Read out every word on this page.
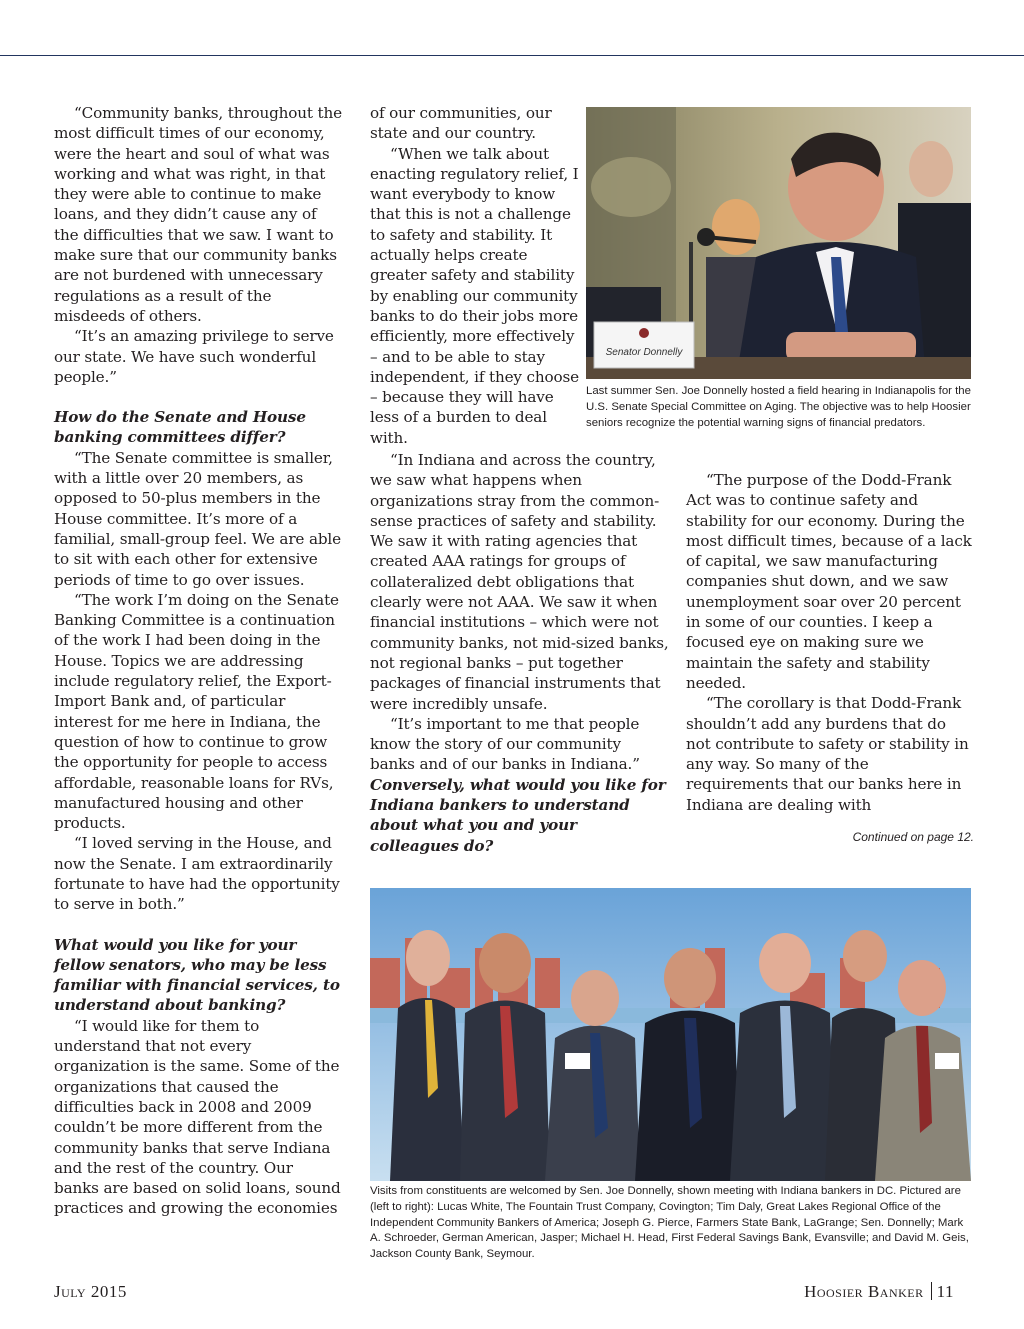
“Community banks, throughout the most difficult times of our economy, were the heart and soul of what was working and what was right, in that they were able to continue to make loans, and they didn’t cause any of the difficulties that we saw. I want to make sure that our community banks are not burdened with unnecessary regulations as a result of the misdeeds of others.

“It’s an amazing privilege to serve our state. We have such wonderful people.”

How do the Senate and House banking committees differ?

“The Senate committee is smaller, with a little over 20 members, as opposed to 50-plus members in the House committee. It’s more of a familial, small-group feel. We are able to sit with each other for extensive periods of time to go over issues.

“The work I’m doing on the Senate Banking Committee is a continuation of the work I had been doing in the House. Topics we are addressing include regulatory relief, the Export-Import Bank and, of particular interest for me here in Indiana, the question of how to continue to grow the opportunity for people to access affordable, reasonable loans for RVs, manufactured housing and other products.

“I loved serving in the House, and now the Senate. I am extraordinarily fortunate to have had the opportunity to serve in both.”

What would you like for your fellow senators, who may be less familiar with financial services, to understand about banking?

“I would like for them to understand that not every organization is the same. Some of the organizations that caused the difficulties back in 2008 and 2009 couldn’t be more different from the community banks that serve Indiana and the rest of the country. Our banks are based on solid loans, sound practices and growing the economies

of our communities, our state and our country.

“When we talk about enacting regulatory relief, I want everybody to know that this is not a challenge to safety and stability. It actually helps create greater safety and stability by enabling our community banks to do their jobs more efficiently, more effectively – and to be able to stay independent, if they choose – because they will have less of a burden to deal with.

“In Indiana and across the country, we saw what happens when organizations stray from the common-sense practices of safety and stability. We saw it with rating agencies that created AAA ratings for groups of collateralized debt obligations that clearly were not AAA. We saw it when financial institutions – which were not community banks, not mid-sized banks, not regional banks – put together packages of financial instruments that were incredibly unsafe.

“It’s important to me that people know the story of our community banks and of our banks in Indiana.”

Conversely, what would you like for Indiana bankers to understand about what you and your colleagues do?

“The purpose of the Dodd-Frank Act was to continue safety and stability for our economy. During the most difficult times, because of a lack of capital, we saw manufacturing companies shut down, and we saw unemployment soar over 20 percent in some of our counties. I keep a focused eye on making sure we maintain the safety and stability needed.

“The corollary is that Dodd-Frank shouldn’t add any burdens that do not contribute to safety or stability in any way. So many of the requirements that our banks here in Indiana are dealing with

Continued on page 12.
Senator Donnelly
Last summer Sen. Joe Donnelly hosted a field hearing in Indianapolis for the U.S. Senate Special Committee on Aging. The objective was to help Hoosier seniors recognize the potential warning signs of financial predators.
Visits from constituents are welcomed by Sen. Joe Donnelly, shown meeting with Indiana bankers in DC. Pictured are (left to right): Lucas White, The Fountain Trust Company, Covington; Tim Daly, Great Lakes Regional Office of the Independent Community Bankers of America; Joseph G. Pierce, Farmers State Bank, LaGrange; Sen. Donnelly; Mark A. Schroeder, German American, Jasper; Michael H. Head, First Federal Savings Bank, Evansville; and David M. Geis, Jackson County Bank, Seymour.
July 2015	Hoosier Banker 11
